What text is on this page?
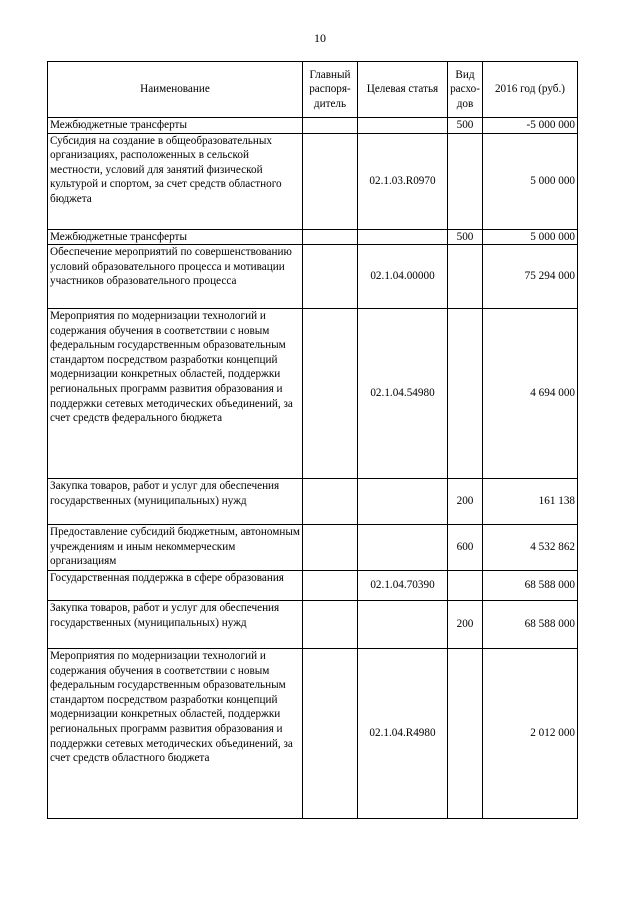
10
Наименование	Главный распоря-дитель	Целевая статья	Вид расхо-дов	2016 год (руб.)
Межбюджетные трансферты			500	-5 000 000
Субсидия на создание в общеобразовательных организациях, расположенных в сельской местности, условий для занятий физической культурой и спортом, за счет средств областного бюджета		02.1.03.R0970		5 000 000
Межбюджетные трансферты			500	5 000 000
Обеспечение мероприятий по совершенствованию условий образовательного процесса и мотивации участников образовательного процесса		02.1.04.00000		75 294 000
Мероприятия по модернизации технологий и содержания обучения в соответствии с новым федеральным государственным образовательным стандартом посредством разработки концепций модернизации конкретных областей, поддержки региональных программ развития образования и поддержки сетевых методических объединений, за счет средств федерального бюджета		02.1.04.54980		4 694 000
Закупка товаров, работ и услуг для обеспечения государственных (муниципальных) нужд			200	161 138
Предоставление субсидий бюджетным, автономным учреждениям и иным некоммерческим организациям			600	4 532 862
Государственная поддержка в сфере образования		02.1.04.70390		68 588 000
Закупка товаров, работ и услуг для обеспечения государственных (муниципальных) нужд			200	68 588 000
Мероприятия по модернизации технологий и содержания обучения в соответствии с новым федеральным государственным образовательным стандартом посредством разработки концепций модернизации конкретных областей, поддержки региональных программ развития образования и поддержки сетевых методических объединений, за счет средств областного бюджета		02.1.04.R4980		2 012 000
